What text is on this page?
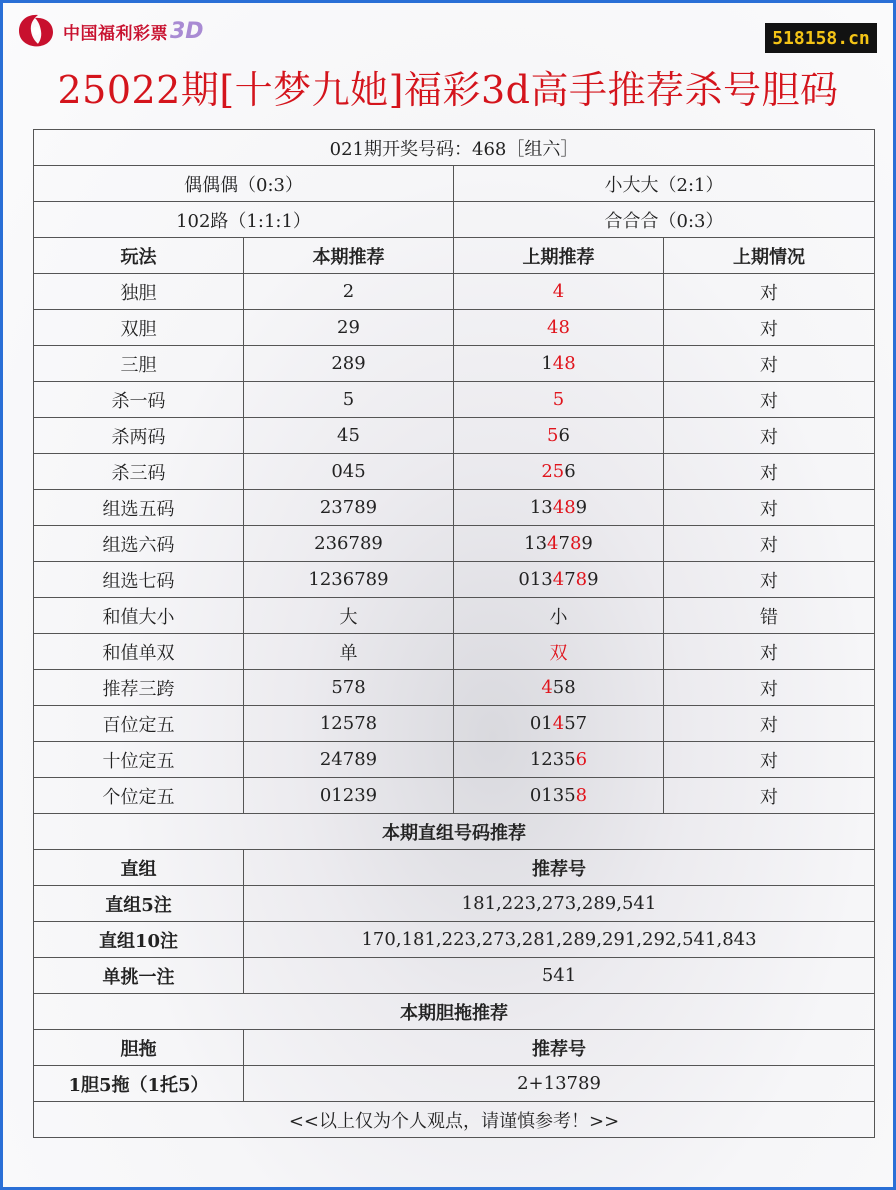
中国福利彩票 3D	518158.cn
25022期[十梦九她]福彩3d高手推荐杀号胆码
021期开奖号码：468［组六］			
偶偶偶（0:3）		小大大（2:1）	
102路（1:1:1）		合合合（0:3）	
玩法	本期推荐	上期推荐	上期情况
独胆	2	4	对
双胆	29	48	对
三胆	289	148	对
杀一码	5	5	对
杀两码	45	56	对
杀三码	045	256	对
组选五码	23789	13489	对
组选六码	236789	134789	对
组选七码	1236789	0134789	对
和值大小	大	小	错
和值单双	单	双	对
推荐三跨	578	458	对
百位定五	12578	01457	对
十位定五	24789	12356	对
个位定五	01239	01358	对
本期直组号码推荐			
直组	推荐号		
直组5注	181,223,273,289,541		
直组10注	170,181,223,273,281,289,291,292,541,843		
单挑一注	541		
本期胆拖推荐			
胆拖	推荐号		
1胆5拖（1托5）	2+13789		
<<以上仅为个人观点，请谨慎参考！>>			
